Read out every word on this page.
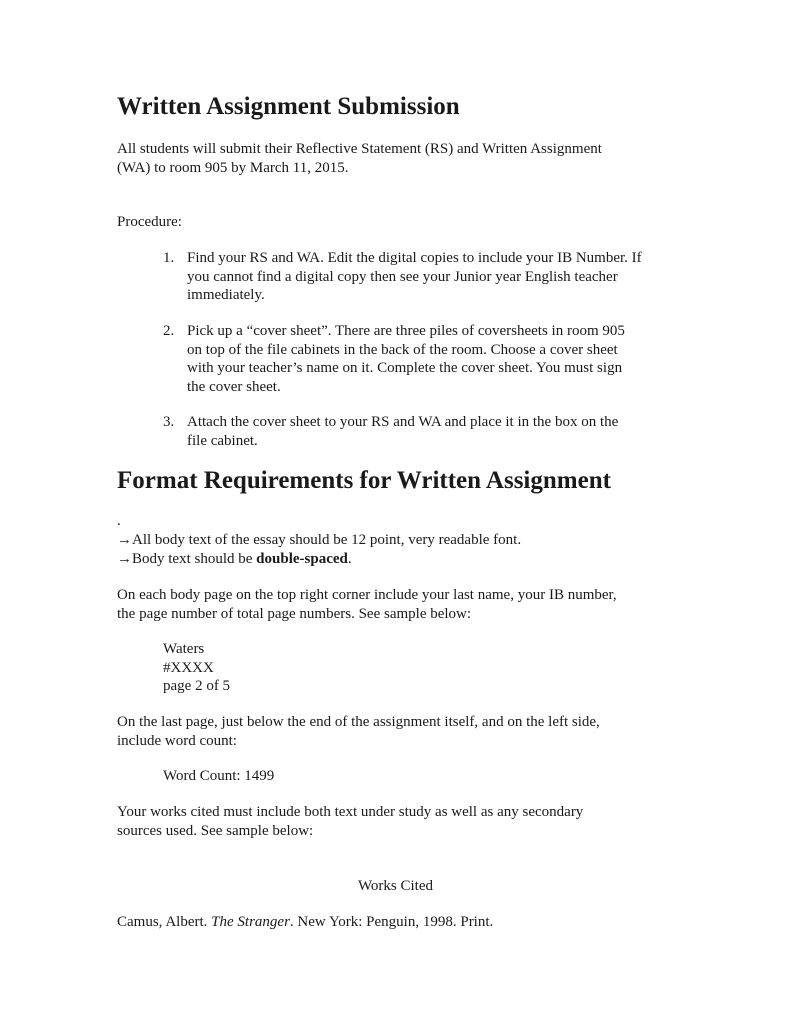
Written Assignment Submission
All students will submit their Reflective Statement (RS) and Written Assignment
(WA) to room 905 by March 11, 2015.
Procedure:
1. Find your RS and WA. Edit the digital copies to include your IB Number. If
you cannot find a digital copy then see your Junior year English teacher
immediately.
2. Pick up a “cover sheet”. There are three piles of coversheets in room 905
on top of the file cabinets in the back of the room. Choose a cover sheet
with your teacher’s name on it. Complete the cover sheet. You must sign
the cover sheet.
3. Attach the cover sheet to your RS and WA and place it in the box on the
file cabinet.
Format Requirements for Written Assignment
.
→All body text of the essay should be 12 point, very readable font.
→Body text should be double-spaced.
On each body page on the top right corner include your last name, your IB number,
the page number of total page numbers. See sample below:
Waters
#XXXX
page 2 of 5
On the last page, just below the end of the assignment itself, and on the left side,
include word count:
Word Count: 1499
Your works cited must include both text under study as well as any secondary
sources used. See sample below:
Works Cited
Camus, Albert. The Stranger. New York: Penguin, 1998. Print.
